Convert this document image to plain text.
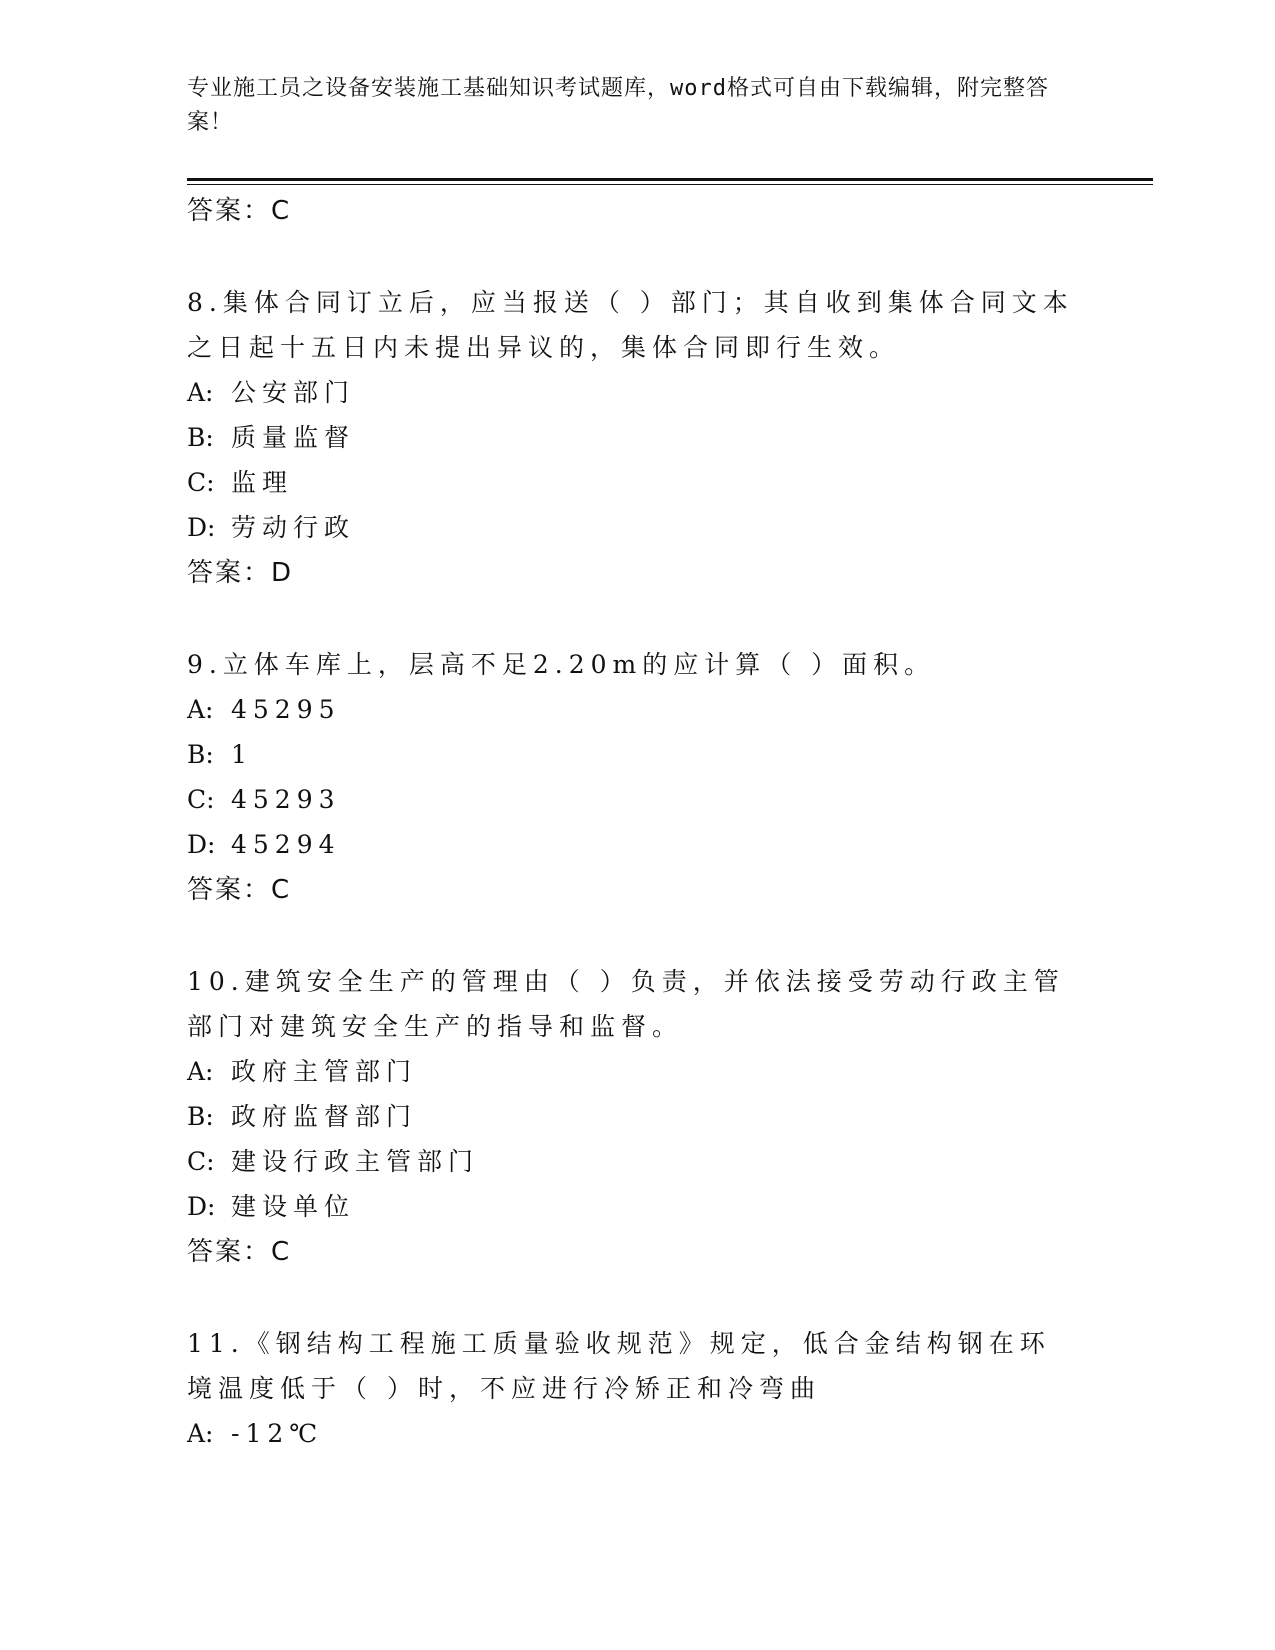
专业施工员之设备安装施工基础知识考试题库，word格式可自由下载编辑，附完整答案！
答案：C
8.集体合同订立后，应当报送（ ）部门；其自收到集体合同文本之日起十五日内未提出异议的，集体合同即行生效。
A: 公安部门
B: 质量监督
C: 监理
D: 劳动行政
答案：D
9.立体车库上，层高不足2.20m的应计算（ ）面积。
A: 45295
B: 1
C: 45293
D: 45294
答案：C
10.建筑安全生产的管理由（ ）负责，并依法接受劳动行政主管部门对建筑安全生产的指导和监督。
A: 政府主管部门
B: 政府监督部门
C: 建设行政主管部门
D: 建设单位
答案：C
11.《钢结构工程施工质量验收规范》规定，低合金结构钢在环境温度低于（ ）时，不应进行冷矫正和冷弯曲
A: -12℃
